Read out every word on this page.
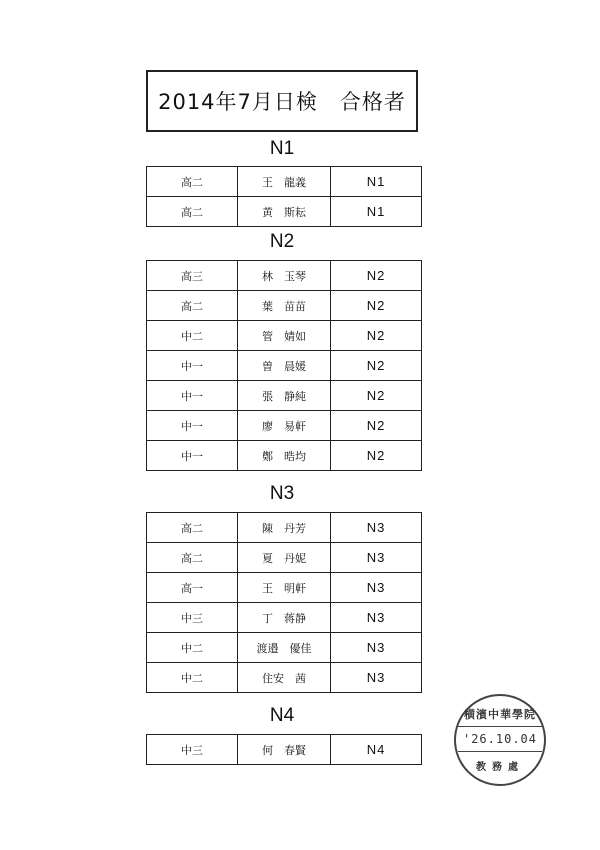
2014年7月日検 合格者
N1
高二	王　龍義	N1
高二	黄　斯耘	N1
N2
高三	林　玉琴	N2
高二	葉　苗苗	N2
中二	管　婧如	N2
中一	曽　晨媛	N2
中一	張　静純	N2
中一	廖　易軒	N2
中一	鄭　晧均	N2
N3
高二	陳　丹芳	N3
高二	夏　丹妮	N3
高一	王　明軒	N3
中三	丁　蒋静	N3
中二	渡邉　優佳	N3
中二	住安　茜	N3
N4
中三	何　春賢	N4
横濱中華學院
'26.10.04
教務處
